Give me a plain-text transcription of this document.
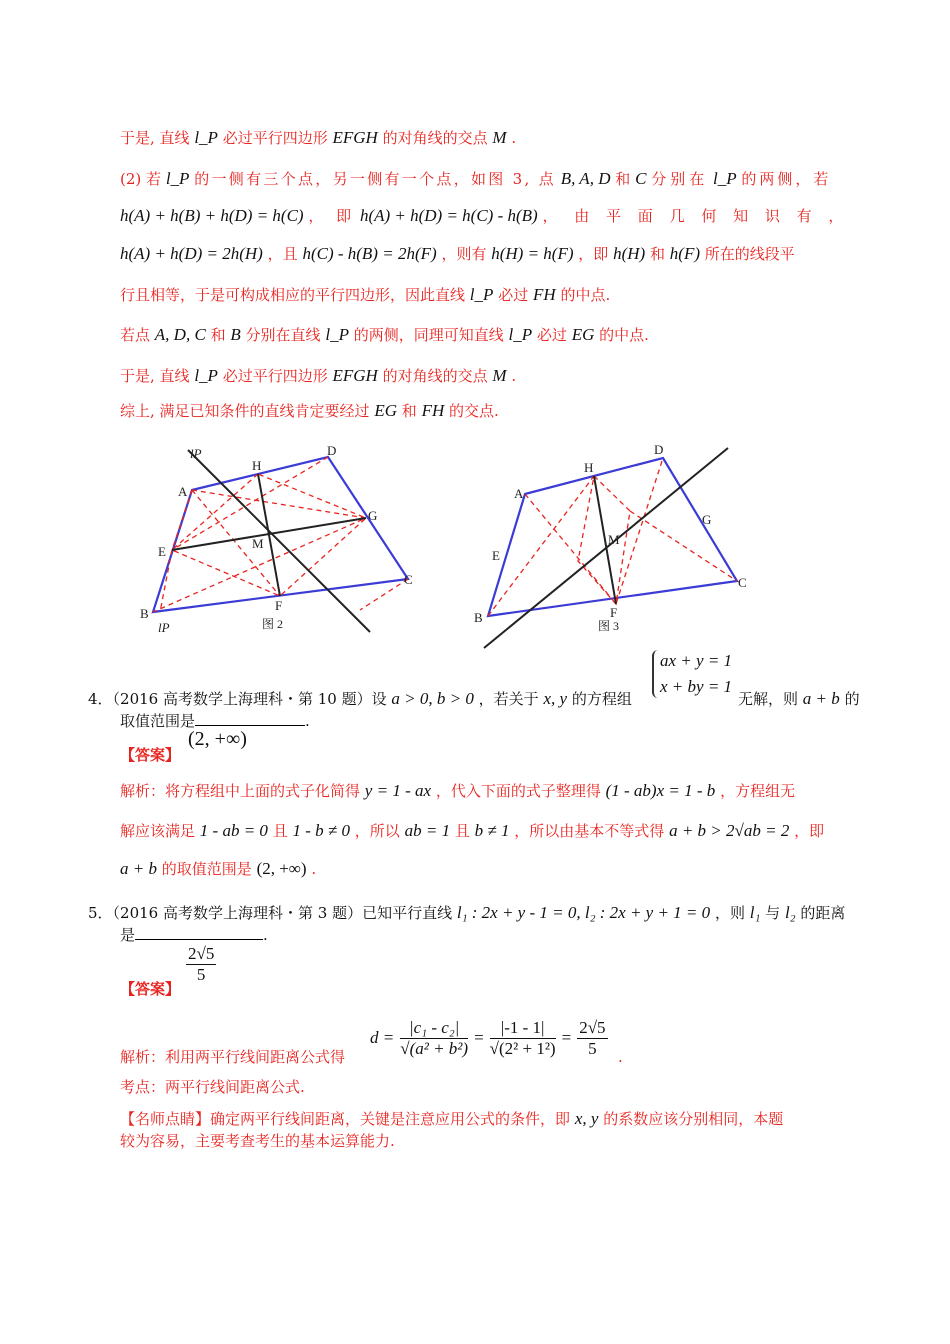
于是, 直线 l_P 必过平行四边形 EFGH 的对角线的交点 M .
(2) 若 l_P 的一侧有三个点，另一侧有一个点，如图 3, 点 B, A, D 和 C 分别在 l_P 的两侧，若
h(A) + h(B) + h(D) = h(C) ， 即 h(A) + h(D) = h(C) - h(B) ， 由 平 面 几 何 知 识 有 ，
h(A) + h(D) = 2h(H) ，且 h(C) - h(B) = 2h(F) ，则有 h(H) = h(F) ，即 h(H) 和 h(F) 所在的线段平
行且相等，于是可构成相应的平行四边形，因此直线 l_P 必过 FH 的中点.
若点 A, D, C 和 B 分别在直线 l_P 的两侧，同理可知直线 l_P 必过 EG 的中点.
于是, 直线 l_P 必过平行四边形 EFGH 的对角线的交点 M .
综上, 满足已知条件的直线肯定要经过 EG 和 FH 的交点.
lP
A
D
H
G
E
M
C
F
B
lP	图 2
A
D
H
G
E
M
C
F
B
图 3
4．（2016 高考数学上海理科・第 10 题）设 a > 0, b > 0 ，若关于 x, y 的方程组
ax + y = 1
x + by = 1
无解，则 a + b 的
取值范围是	.
【答案】
(2, +∞)
解析：将方程组中上面的式子化简得 y = 1 - ax ，代入下面的式子整理得 (1 - ab)x = 1 - b ，方程组无
解应该满足 1 - ab = 0 且 1 - b ≠ 0 ，所以 ab = 1 且 b ≠ 1 ，所以由基本不等式得 a + b > 2√ab = 2 ，即
a + b 的取值范围是 (2, +∞) .
5．（2016 高考数学上海理科・第 3 题）已知平行直线 l₁ : 2x + y - 1 = 0, l₂ : 2x + y + 1 = 0 ，则 l₁ 与 l₂ 的距离
是	.
$\frac{2√5}{5}$
【答案】
$d = \frac{\text{|c₁ - c₂|}}{\text{√(a² + b²)}} = \frac{|-1 - 1|}{\text{√(2² + 1²)}} = \frac{2√5}{5}$
解析：利用两平行线间距离公式得	.
考点：两平行线间距离公式.
【名师点睛】确定两平行线间距离，关键是注意应用公式的条件，即 x, y 的系数应该分别相同，本题
较为容易，主要考查考生的基本运算能力.
